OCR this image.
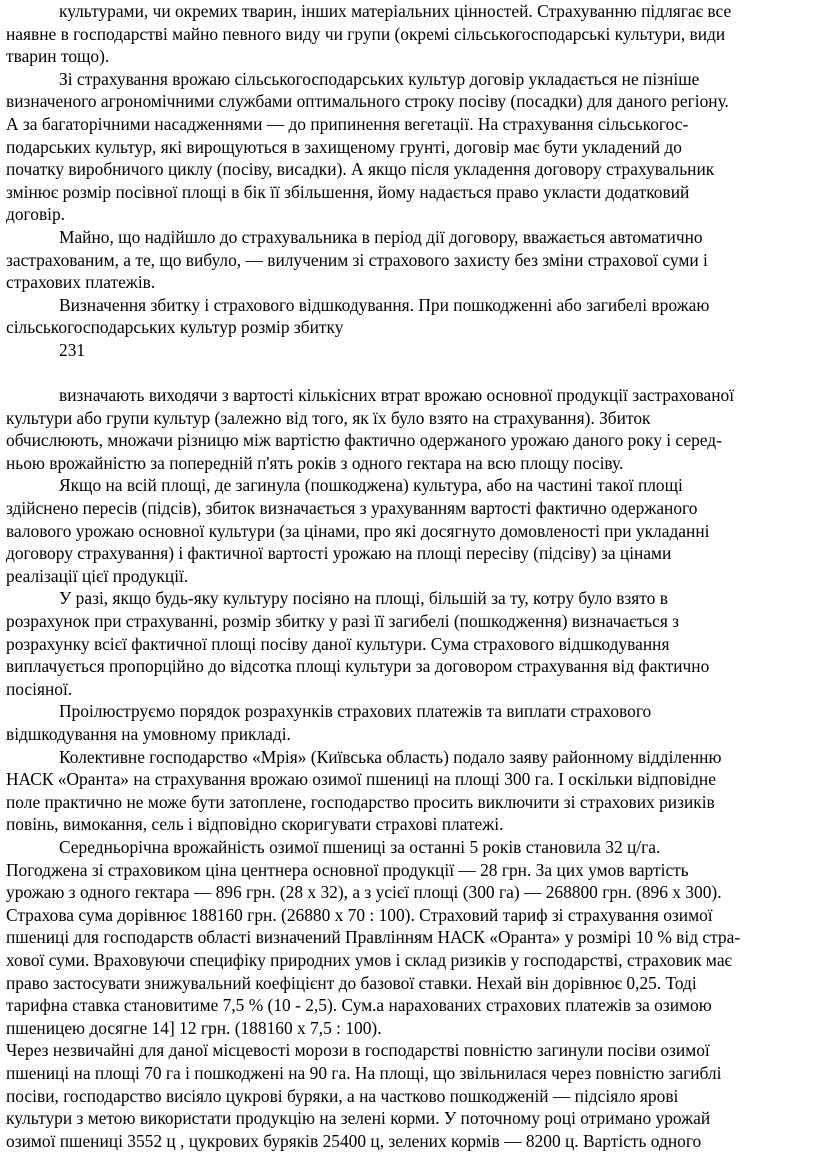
культурами, чи окремих тварин, інших матеріальних цінностей. Страхуванню підлягає все
наявне в господарстві майно певного виду чи групи (окремі сільськогосподарські культури, види
тварин тощо).
Зі страхування врожаю сільськогосподарських культур договір укладається не пізніше
визначеного агрономічними службами оптимального строку посіву (посадки) для даного регіону.
А за багаторічними насадженнями — до припинення вегетації. На страхування сільськогос-
подарських культур, які вирощуються в захищеному грунті, договір має бути укладений до
початку виробничого циклу (посіву, висадки). А якщо після укладення договору страхувальник
змінює розмір посівної площі в бік її збільшення, йому надається право укласти додатковий
договір.
Майно, що надійшло до страхувальника в період дії договору, вважається автоматично
застрахованим, а те, що вибуло, — вилученим зі страхового захисту без зміни страхової суми і
страхових платежів.
Визначення збитку і страхового відшкодування. При пошкодженні або загибелі врожаю
сільськогосподарських культур розмір збитку
231
визначають виходячи з вартості кількісних втрат врожаю основної продукції застрахованої
культури або групи культур (залежно від того, як їх було взято на страхування). Збиток
обчислюють, множачи різницю між вартістю фактично одержаного урожаю даного року і серед-
ньою врожайністю за попередній п'ять років з одного гектара на всю площу посіву.
Якщо на всій площі, де загинула (пошкоджена) культура, або на частині такої площі
здійснено пересів (підсів), збиток визначається з урахуванням вартості фактично одержаного
валового урожаю основної культури (за цінами, про які досягнуто домовленості при укладанні
договору страхування) і фактичної вартості урожаю на площі пересіву (підсіву) за цінами
реалізації цієї продукції.
У разі, якщо будь-яку культуру посіяно на площі, більшій за ту, котру було взято в
розрахунок при страхуванні, розмір збитку у разі її загибелі (пошкодження) визначається з
розрахунку всієї фактичної площі посіву даної культури. Сума страхового відшкодування
виплачується пропорційно до відсотка площі культури за договором страхування від фактично
посіяної.
Проілюструємо порядок розрахунків страхових платежів та виплати страхового
відшкодування на умовному прикладі.
Колективне господарство «Мрія» (Київська область) подало заяву районному відділенню
НАСК «Оранта» на страхування врожаю озимої пшениці на площі 300 га. І оскільки відповідне
поле практично не може бути затоплене, господарство просить виключити зі страхових ризиків
повінь, вимокання, сель і відповідно скоригувати страхові платежі.
Середньорічна врожайність озимої пшениці за останні 5 років становила 32 ц/га.
Погоджена зі страховиком ціна центнера основної продукції — 28 грн. За цих умов вартість
урожаю з одного гектара — 896 грн. (28 х 32), а з усієї площі (300 га) — 268800 грн. (896 х 300).
Страхова сума дорівнює 188160 грн. (26880 х 70 : 100). Страховий тариф зі страхування озимої
пшениці для господарств області визначений Правлінням НАСК «Оранта» у розмірі 10 % від стра-
хової суми. Враховуючи специфіку природних умов і склад ризиків у господарстві, страховик має
право застосувати знижувальний коефіцієнт до базової ставки. Нехай він дорівнює 0,25. Тоді
тарифна ставка становитиме 7,5 % (10 - 2,5). Сум.а нарахованих страхових платежів за озимою
пшеницею досягне 14] 12 грн. (188160 х 7,5 : 100).
Через незвичайні для даної місцевості морози в господарстві повністю загинули посіви озимої
пшениці на площі 70 га і пошкоджені на 90 га. На площі, що звільнилася через повністю загиблі
посіви, господарство висіяло цукрові буряки, а на частково пошкодженій — підсіяло ярові
культури з метою використати продукцію на зелені корми. У поточному році отримано урожай
озимої пшениці 3552 ц , цукрових буряків 25400 ц, зелених кормів — 8200 ц. Вартість одного
